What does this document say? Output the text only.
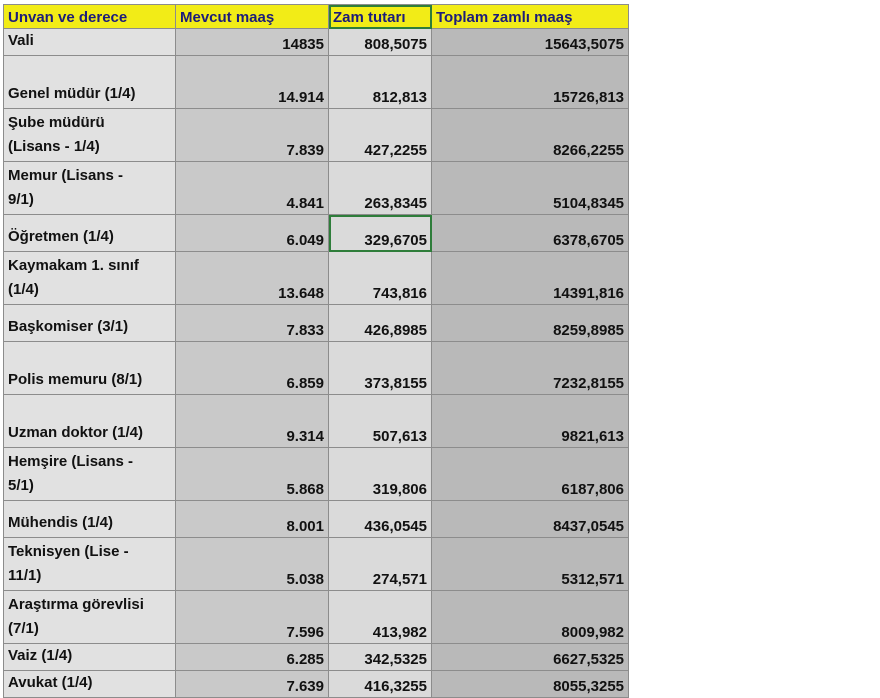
Unvan ve derece	Mevcut maaş	Zam tutarı	Toplam zamlı maaş

Vali	14835	808,5075	15643,5075

Genel müdür (1/4)	14.914	812,813	15726,813

Şube müdürü
(Lisans - 1/4)	7.839	427,2255	8266,2255

Memur (Lisans -
9/1)	4.841	263,8345	5104,8345

Öğretmen (1/4)	6.049	329,6705	6378,6705

Kaymakam 1. sınıf
(1/4)	13.648	743,816	14391,816

Başkomiser (3/1)	7.833	426,8985	8259,8985

Polis memuru (8/1)	6.859	373,8155	7232,8155

Uzman doktor (1/4)	9.314	507,613	9821,613

Hemşire (Lisans -
5/1)	5.868	319,806	6187,806

Mühendis (1/4)	8.001	436,0545	8437,0545

Teknisyen (Lise -
11/1)	5.038	274,571	5312,571

Araştırma görevlisi
(7/1)	7.596	413,982	8009,982

Vaiz (1/4)	6.285	342,5325	6627,5325

Avukat (1/4)	7.639	416,3255	8055,3255
